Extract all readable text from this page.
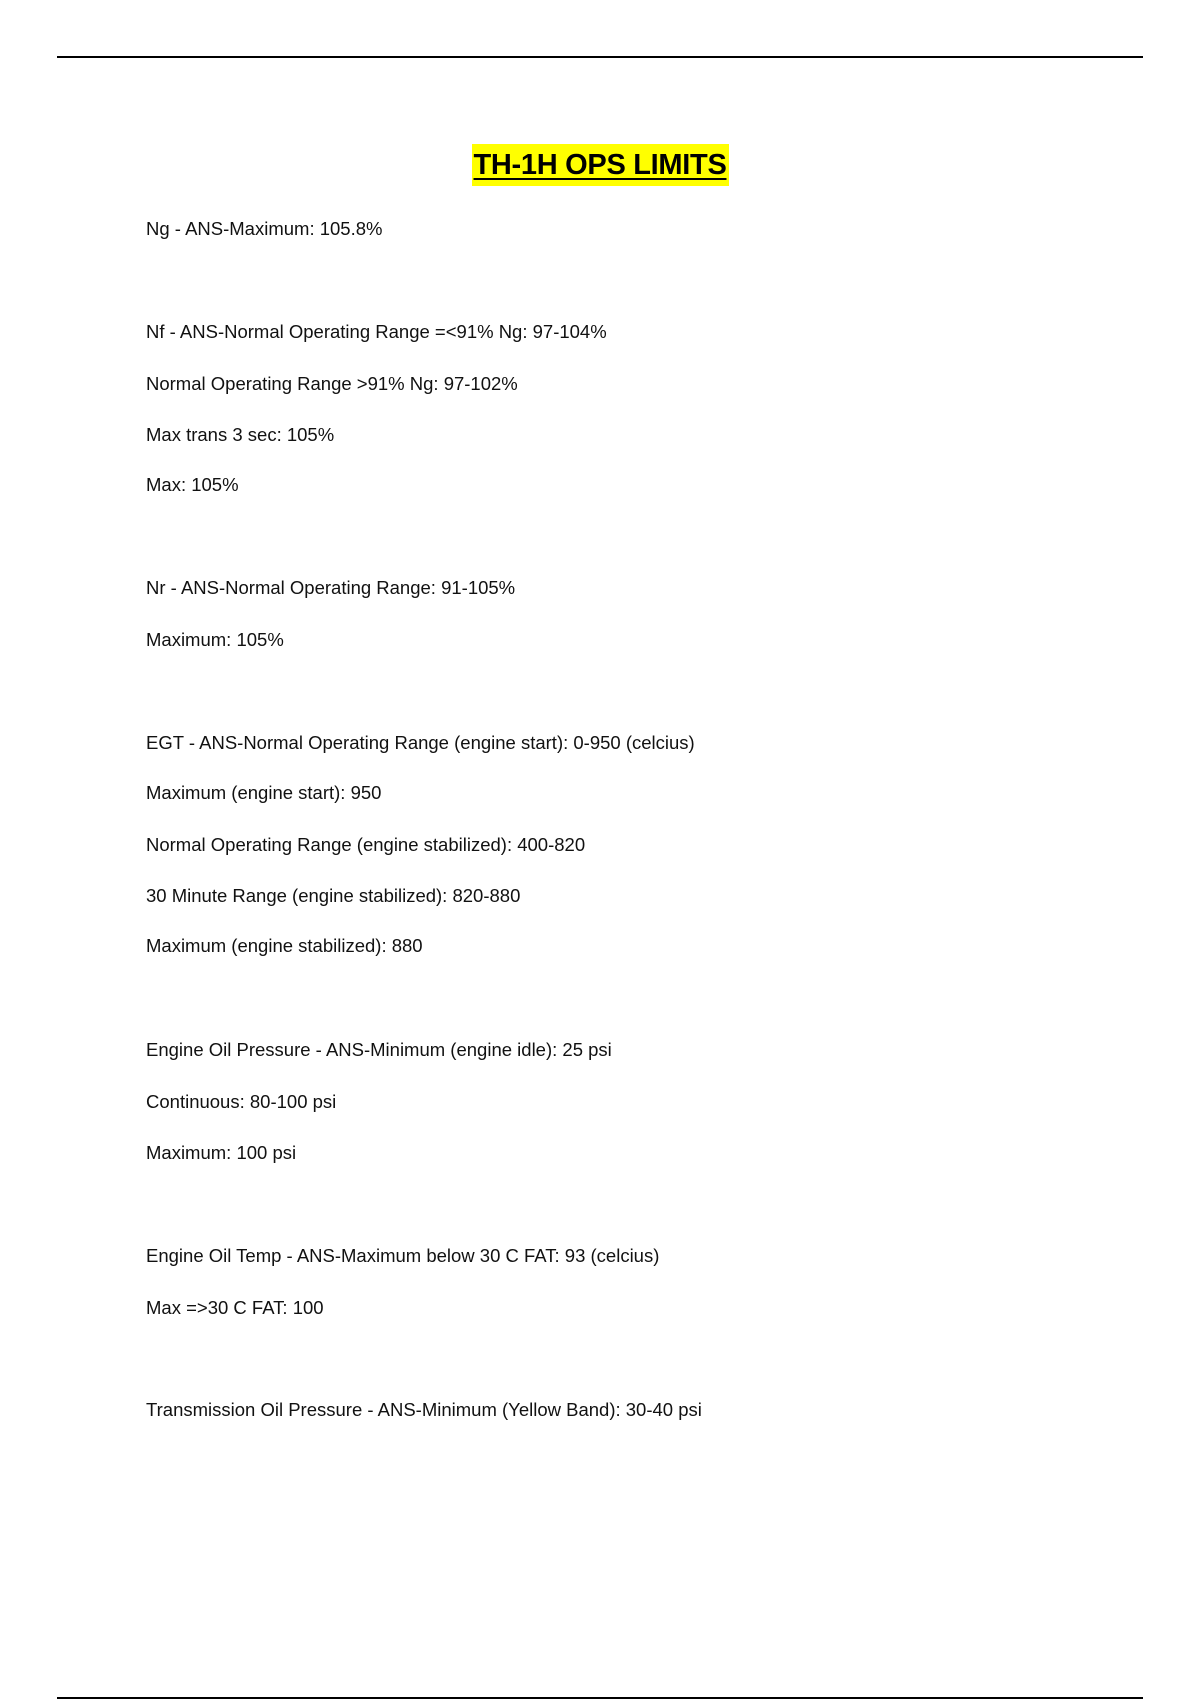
TH-1H OPS LIMITS
Ng - ANS-Maximum: 105.8%
Nf - ANS-Normal Operating Range =<91% Ng: 97-104%
Normal Operating Range >91% Ng: 97-102%
Max trans 3 sec: 105%
Max: 105%
Nr - ANS-Normal Operating Range: 91-105%
Maximum: 105%
EGT - ANS-Normal Operating Range (engine start): 0-950 (celcius)
Maximum (engine start): 950
Normal Operating Range (engine stabilized): 400-820
30 Minute Range (engine stabilized): 820-880
Maximum (engine stabilized): 880
Engine Oil Pressure - ANS-Minimum (engine idle): 25 psi
Continuous: 80-100 psi
Maximum: 100 psi
Engine Oil Temp - ANS-Maximum below 30 C FAT: 93 (celcius)
Max =>30 C FAT: 100
Transmission Oil Pressure - ANS-Minimum (Yellow Band): 30-40 psi
